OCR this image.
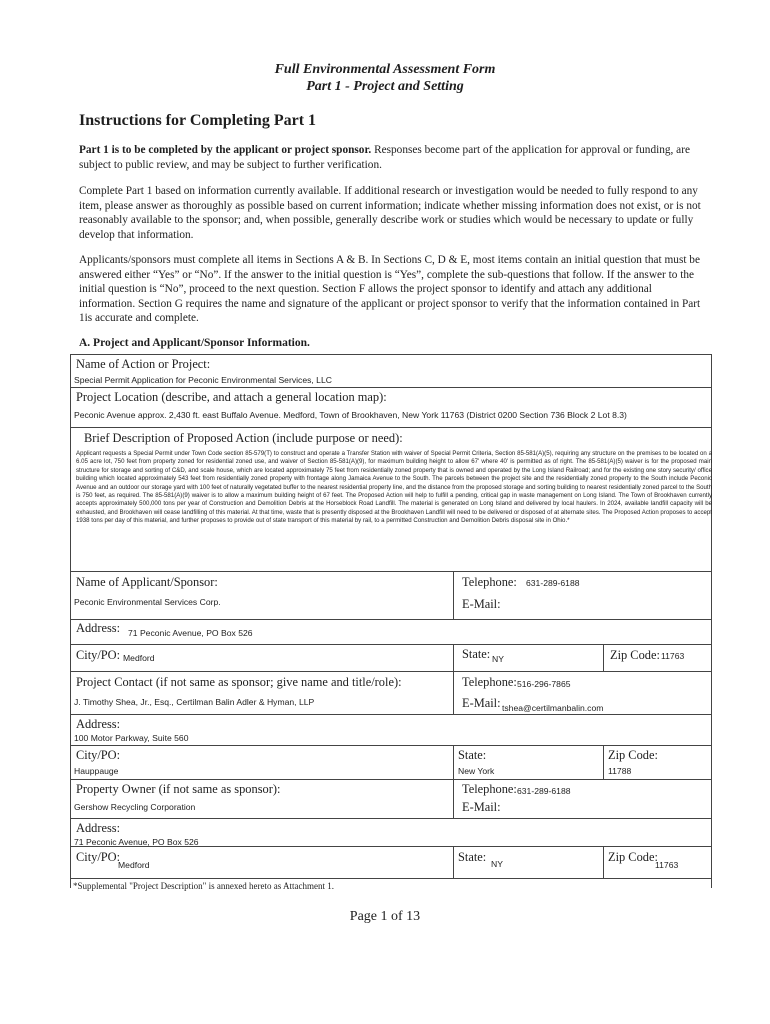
Full Environmental Assessment Form
Part 1 - Project and Setting
Instructions for Completing Part 1
Part 1 is to be completed by the applicant or project sponsor. Responses become part of the application for approval or funding, are subject to public review, and may be subject to further verification.
Complete Part 1 based on information currently available. If additional research or investigation would be needed to fully respond to any item, please answer as thoroughly as possible based on current information; indicate whether missing information does not exist, or is not reasonably available to the sponsor; and, when possible, generally describe work or studies which would be necessary to update or fully develop that information.
Applicants/sponsors must complete all items in Sections A & B. In Sections C, D & E, most items contain an initial question that must be answered either “Yes” or “No”. If the answer to the initial question is “Yes”, complete the sub-questions that follow. If the answer to the initial question is “No”, proceed to the next question. Section F allows the project sponsor to identify and attach any additional information. Section G requires the name and signature of the applicant or project sponsor to verify that the information contained in Part 1is accurate and complete.
A. Project and Applicant/Sponsor Information.
Name of Action or Project:
Special Permit Application for Peconic Environmental Services, LLC
Project Location (describe, and attach a general location map):
Peconic Avenue approx. 2,430 ft. east Buffalo Avenue. Medford, Town of Brookhaven, New York 11763 (District 0200 Section 736 Block 2 Lot 8.3)
Brief Description of Proposed Action (include purpose or need):
Applicant requests a Special Permit under Town Code section 85-579(T) to construct and operate a Transfer Station with waiver of Special Permit Criteria, Section 85-581(A)(5), requiring any structure on the premises to be located on a 6.05 acre lot, 750 feet from property zoned for residential zoned use, and waiver of Section 85-581(A)(9), for maximum building height to allow 67' where 40' is permitted as of right. The 85-581(A)(5) waiver is for the proposed main structure for storage and sorting of C&D, and scale house, which are located approximately 75 feet from residentially zoned property that is owned and operated by the Long Island Railroad; and for the existing one story security/ office building which located approximately 543 feet from residentially zoned property with frontage along Jamaica Avenue to the South. The parcels between the project site and the residentially zoned property to the South include Peconic Avenue and an outdoor our storage yard with 100 feet of naturally vegetated buffer to the nearest residential property line, and the distance from the proposed storage and sorting building to nearest residentially zoned parcel to the South is 750 feet, as required. The 85-581(A)(9) waiver is to allow a maximum building height of 67 feet. The Proposed Action will help to fulfill a pending, critical gap in waste management on Long Island. The Town of Brookhaven currently accepts approximately 500,000 tons per year of Construction and Demolition Debris at the Horseblock Road Landfill. The material is generated on Long Island and delivered by local haulers. In 2024, available landfill capacity will be exhausted, and Brookhaven will cease landfilling of this material. At that time, waste that is presently disposed at the Brookhaven Landfill will need to be delivered or disposed of at alternate sites. The Proposed Action proposes to accept 1938 tons per day of this material, and further proposes to provide out of state transport of this material by rail, to a permitted Construction and Demolition Debris disposal site in Ohio.*
Name of Applicant/Sponsor:
Peconic Environmental Services Corp.
Telephone: 631-289-6188
E-Mail:
Address: 71 Peconic Avenue, PO Box 526
City/PO: Medford	State: NY	Zip Code: 11763
Project Contact (if not same as sponsor; give name and title/role):
J. Timothy Shea, Jr., Esq., Certilman Balin Adler & Hyman, LLP
Telephone: 516-296-7865
E-Mail: tshea@certilmanbalin.com
Address:
100 Motor Parkway, Suite 560
City/PO:
Hauppauge
State:
New York
Zip Code:
11788
Property Owner (if not same as sponsor):
Gershow Recycling Corporation
Telephone: 631-289-6188
E-Mail:
Address:
71 Peconic Avenue, PO Box 526
City/PO:
Medford
State: NY	Zip Code:
11763
*Supplemental "Project Description" is annexed hereto as Attachment 1.
Page 1 of 13
